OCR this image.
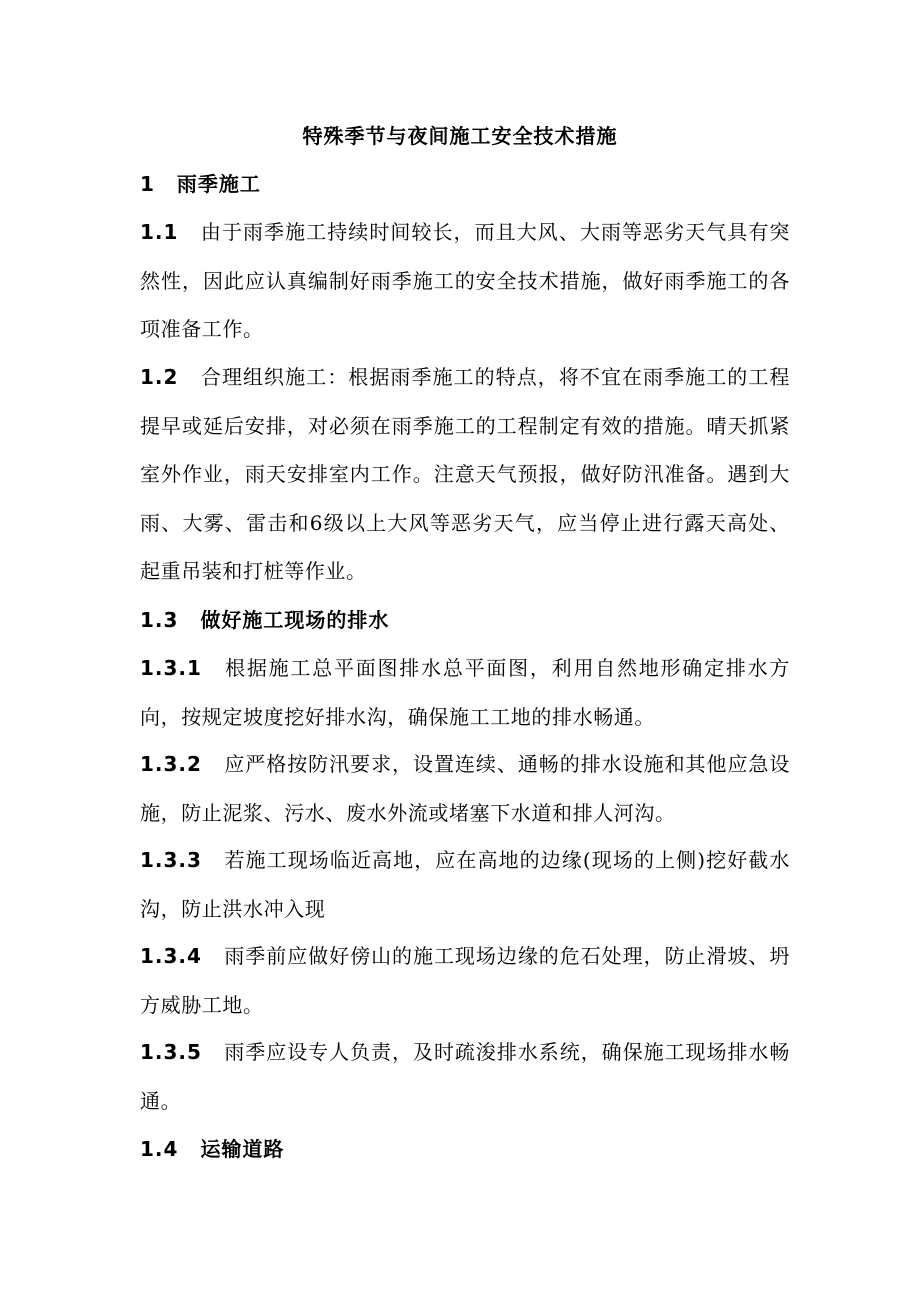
特殊季节与夜间施工安全技术措施
1 雨季施工
1.1 由于雨季施工持续时间较长，而且大风、大雨等恶劣天气具有突然性，因此应认真编制好雨季施工的安全技术措施，做好雨季施工的各项准备工作。
1.2 合理组织施工：根据雨季施工的特点，将不宜在雨季施工的工程提早或延后安排，对必须在雨季施工的工程制定有效的措施。晴天抓紧室外作业，雨天安排室内工作。注意天气预报，做好防汛准备。遇到大雨、大雾、雷击和6级以上大风等恶劣天气，应当停止进行露天高处、起重吊装和打桩等作业。
1.3 做好施工现场的排水
1.3.1 根据施工总平面图排水总平面图，利用自然地形确定排水方向，按规定坡度挖好排水沟，确保施工工地的排水畅通。
1.3.2 应严格按防汛要求，设置连续、通畅的排水设施和其他应急设施，防止泥浆、污水、废水外流或堵塞下水道和排人河沟。
1.3.3 若施工现场临近高地，应在高地的边缘(现场的上侧)挖好截水沟，防止洪水冲入现
1.3.4 雨季前应做好傍山的施工现场边缘的危石处理，防止滑坡、坍方威胁工地。
1.3.5 雨季应设专人负责，及时疏浚排水系统，确保施工现场排水畅通。
1.4 运输道路
